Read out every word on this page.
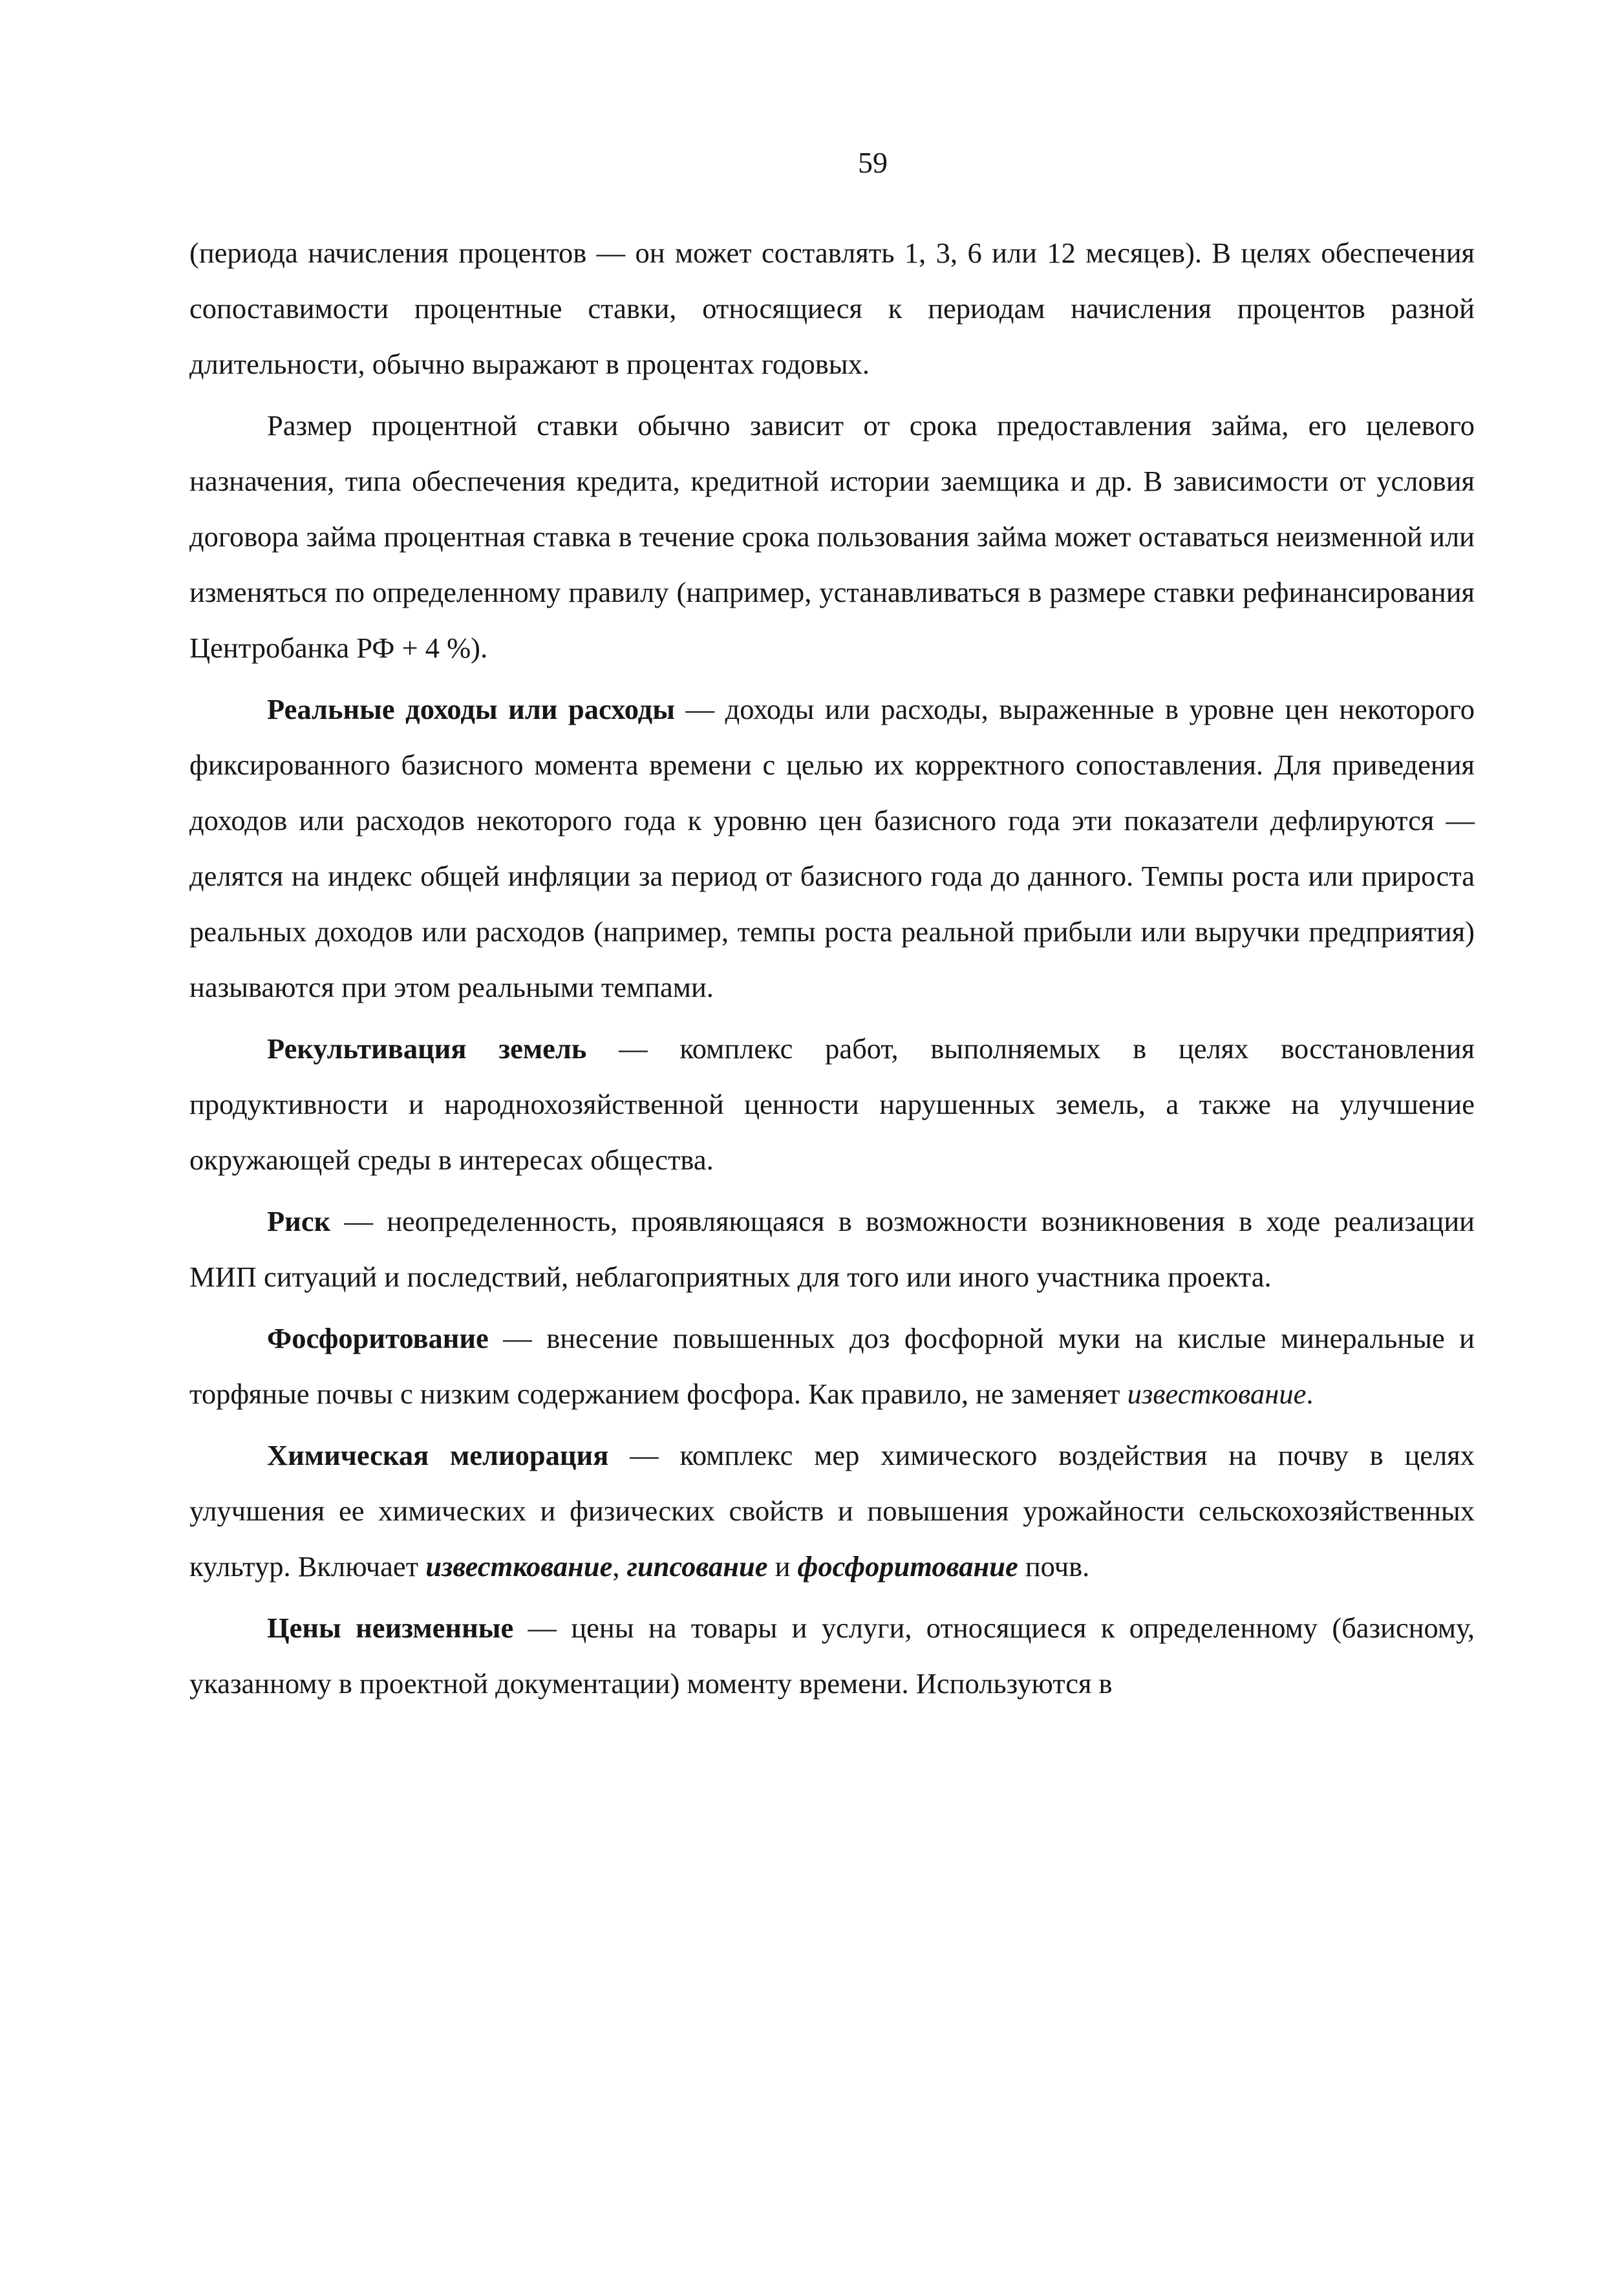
59

(периода начисления процентов — он может составлять 1, 3, 6 или 12 месяцев). В целях обеспечения сопоставимости процентные ставки, относящиеся к периодам начисления процентов разной длительности, обычно выражают в процентах годовых.

Размер процентной ставки обычно зависит от срока предоставления займа, его целевого назначения, типа обеспечения кредита, кредитной истории заемщика и др. В зависимости от условия договора займа процентная ставка в течение срока пользования займа может оставаться неизменной или изменяться по определенному правилу (например, устанавливаться в размере ставки рефинансирования Центробанка РФ + 4 %).

Реальные доходы или расходы — доходы или расходы, выраженные в уровне цен некоторого фиксированного базисного момента времени с целью их корректного сопоставления. Для приведения доходов или расходов некоторого года к уровню цен базисного года эти показатели дефлируются — делятся на индекс общей инфляции за период от базисного года до данного. Темпы роста или прироста реальных доходов или расходов (например, темпы роста реальной прибыли или выручки предприятия) называются при этом реальными темпами.

Рекультивация земель — комплекс работ, выполняемых в целях восстановления продуктивности и народнохозяйственной ценности нарушенных земель, а также на улучшение окружающей среды в интересах общества.

Риск — неопределенность, проявляющаяся в возможности возникновения в ходе реализации МИП ситуаций и последствий, неблагоприятных для того или иного участника проекта.

Фосфоритование — внесение повышенных доз фосфорной муки на кислые минеральные и торфяные почвы с низким содержанием фосфора. Как правило, не заменяет известкование.

Химическая мелиорация — комплекс мер химического воздействия на почву в целях улучшения ее химических и физических свойств и повышения урожайности сельскохозяйственных культур. Включает известкование, гипсование и фосфоритование почв.

Цены неизменные — цены на товары и услуги, относящиеся к определенному (базисному, указанному в проектной документации) моменту времени. Используются в
